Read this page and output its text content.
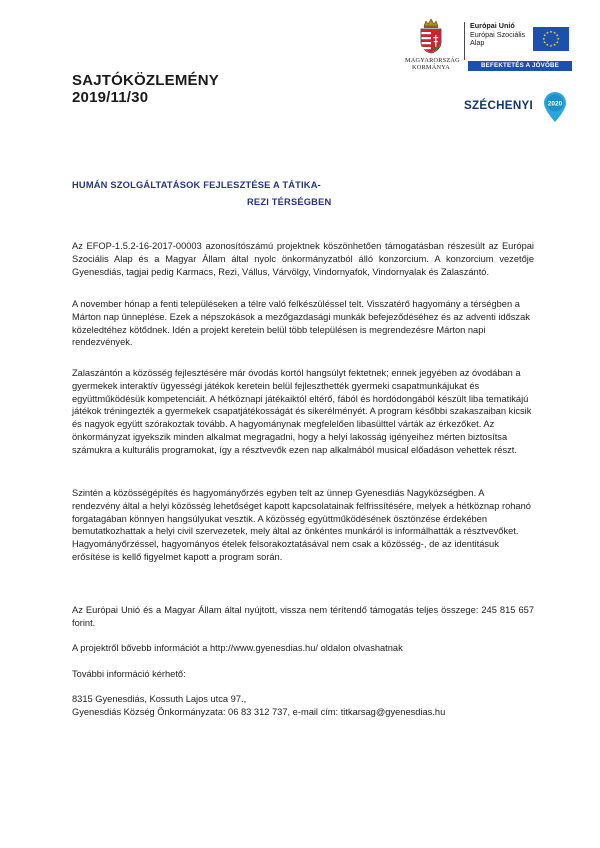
SAJTÓKÖZLEMÉNY
2019/11/30
MAGYARORSZÁG
KORMÁNYA
Európai Unió
Európai Szociális
Alap
★ ★
★
★
★
★
★
★
★
★
★
★
BEFEKTETÉS A JÖVŐBE
SZÉCHENYI 2020
HUMÁN SZOLGÁLTATÁSOK FEJLESZTÉSE A TÁTIKA-
REZI TÉRSÉGBEN

Az EFOP-1.5.2-16-2017-00003 azonosítószámú projektnek köszönhetően támogatásban részesült az Európai Szociális Alap és a Magyar Állam által nyolc önkormányzatból álló konzorcium. A konzorcium vezetője Gyenesdiás, tagjai pedig Karmacs, Rezi, Vállus, Várvölgy, Vindornyafok, Vindornyalak és Zalaszántó.

A november hónap a fenti településeken a télre való felkészüléssel telt. Visszatérő hagyomány a térségben a Márton nap ünneplése. Ezek a népszokások a mezőgazdasági munkák befejeződéséhez és az adventi időszak közeledtéhez kötődnek. Idén a projekt keretein belül több településen is megrendezésre Márton napi rendezvények.

Zalaszántón a közösség fejlesztésére már óvodás kortól hangsúlyt fektetnek; ennek jegyében az óvodában a gyermekek interaktív ügyességi játékok keretein belül fejleszthették gyermeki csapatmunkájukat és együttműködésük kompetenciáit. A hétköznapi játékaiktól eltérő, fából és hordódongából készült liba tematikájú játékok tréningezték a gyermekek csapatjátékosságát és sikerélményét. A program későbbi szakaszaiban kicsik és nagyok együtt szórakoztak tovább. A hagyománynak megfelelően libasülttel várták az érkezőket. Az önkormányzat igyekszik minden alkalmat megragadni, hogy a helyi lakosság igényeihez mérten biztosítsa számukra a kulturális programokat, így a résztvevők ezen nap alkalmából musical előadáson vehettek részt.

Szintén a közösségépítés és hagyományőrzés egyben telt az ünnep Gyenesdiás Nagyközségben. A rendezvény által a helyi közösség lehetőséget kapott kapcsolatainak felfrissítésére, melyek a hétköznap rohanó forgatagában könnyen hangsúlyukat vesztik. A közösség együttműködésének ösztönzése érdekében bemutatkozhattak a helyi civil szervezetek, mely által az önkéntes munkáról is informálhatták a résztvevőket. Hagyományőrzéssel, hagyományos ételek felsorakoztatásával nem csak a közösség-, de az identitásuk erősítése is kellő figyelmet kapott a program során.

Az Európai Unió és a Magyar Állam által nyújtott, vissza nem térítendő támogatás teljes összege: 245 815 657 forint.

A projektről bővebb információt a http://www.gyenesdias.hu/ oldalon olvashatnak

További információ kérhető:

8315 Gyenesdiás, Kossuth Lajos utca 97.,
Gyenesdiás Község Önkormányzata: 06 83 312 737, e-mail cím: titkarsag@gyenesdias.hu
